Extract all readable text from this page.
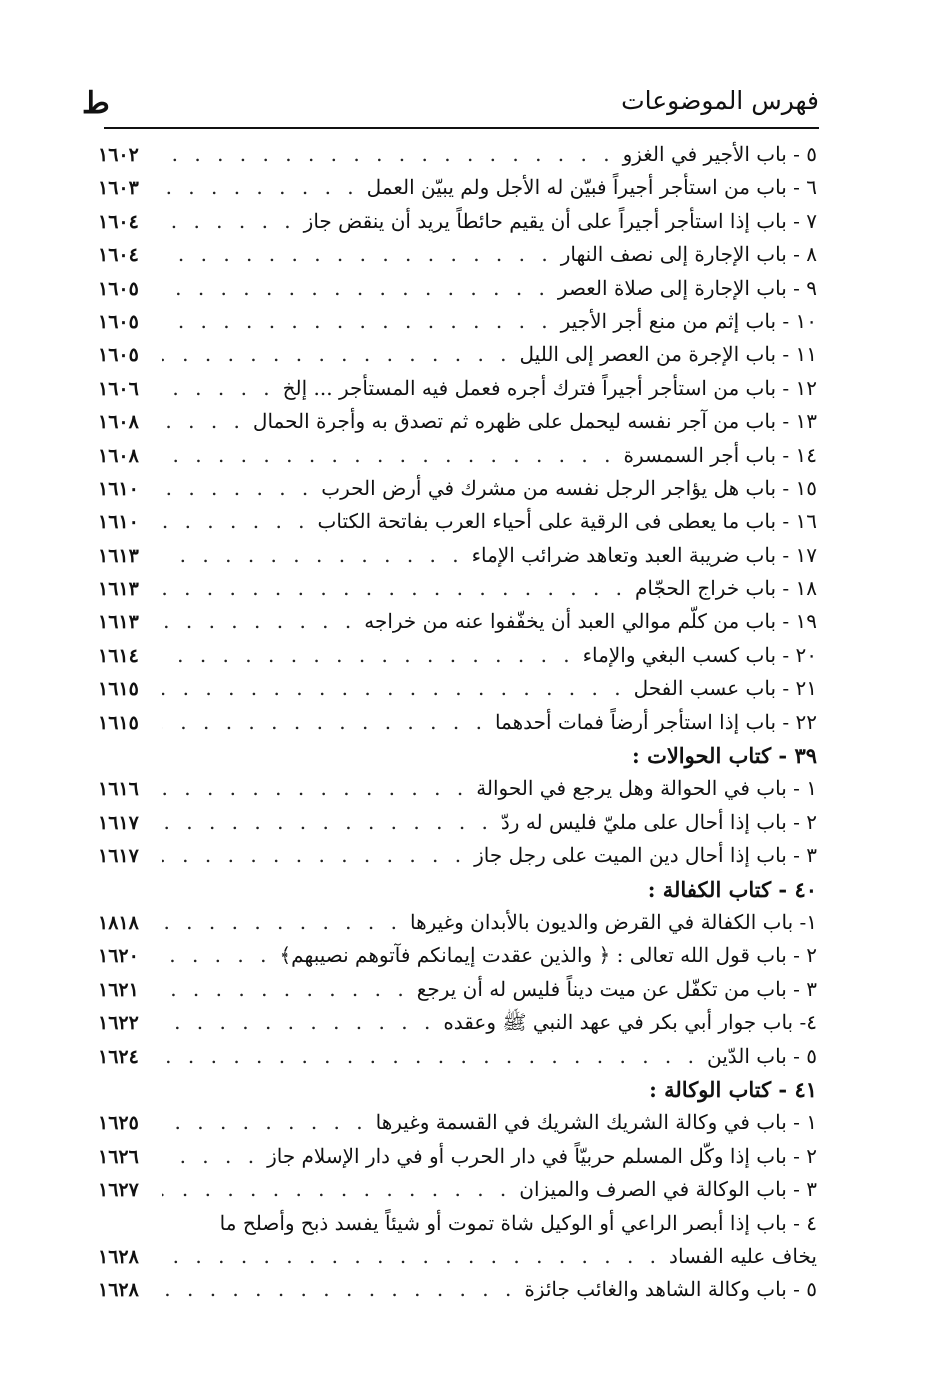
فهرس الموضوعات
ط
٥ - باب الأجير في الغزو
. . .
١٦٠٢
٦ - باب من استأجر أجيراً فبيّن له الأجل ولم يبيّن العمل
. . .
١٦٠٣
٧ - باب إذا استأجر أجيراً على أن يقيم حائطاً يريد أن ينقض جاز
. . .
١٦٠٤
٨ - باب الإجارة إلى نصف النهار
. . .
١٦٠٤
٩ - باب الإجارة إلى صلاة العصر
. . .
١٦٠٥
١٠ - باب إثم من منع أجر الأجير
. . .
١٦٠٥
١١ - باب الإجرة من العصر إلى الليل
. . .
١٦٠٥
١٢ - باب من استأجر أجيراً فترك أجره فعمل فيه المستأجر ... إلخ
. . .
١٦٠٦
١٣ - باب من آجر نفسه ليحمل على ظهره ثم تصدق به وأجرة الحمال
. . .
١٦٠٨
١٤ - باب أجر السمسرة
. . .
١٦٠٨
١٥ - باب هل يؤاجر الرجل نفسه من مشرك في أرض الحرب
. . .
١٦١٠
١٦ - باب ما يعطى فى الرقية على أحياء العرب بفاتحة الكتاب
. . .
١٦١٠
١٧ - باب ضريبة العبد وتعاهد ضرائب الإماء
. . .
١٦١٣
١٨ - باب خراج الحجّام
. . .
١٦١٣
١٩ - باب من كلّم موالي العبد أن يخفّفوا عنه من خراجه
. . .
١٦١٣
٢٠ - باب كسب البغي والإماء
. . .
١٦١٤
٢١ - باب عسب الفحل
. . .
١٦١٥
٢٢ - باب إذا استأجر أرضاً فمات أحدهما
. . .
١٦١٥
٣٩ - كتاب الحوالات :
١ - باب في الحوالة وهل يرجع في الحوالة
. . .
١٦١٦
٢ - باب إذا أحال على مليّ فليس له ردّ
. . .
١٦١٧
٣ - باب إذا أحال دين الميت على رجل جاز
. . .
١٦١٧
٤٠ - كتاب الكفالة :
١- باب الكفالة في القرض والديون بالأبدان وغيرها
. . .
١٨١٨
٢ - باب قول الله تعالى : ﴿ والذين عقدت إيمانكم فآتوهم نصيبهم﴾
. . .
١٦٢٠
٣ - باب من تكفّل عن ميت ديناً فليس له أن يرجع
. . .
١٦٢١
٤- باب جوار أبي بكر في عهد النبي ﷺ وعقده
. . .
١٦٢٢
٥ - باب الدّين
. . .
١٦٢٤
٤١ - كتاب الوكالة :
١ - باب في وكالة الشريك الشريك في القسمة وغيرها
. . .
١٦٢٥
٢ - باب إذا وكّل المسلم حربيّاً في دار الحرب أو في دار الإسلام جاز
. . .
١٦٢٦
٣ - باب الوكالة في الصرف والميزان
. . .
١٦٢٧
٤ - باب إذا أبصر الراعي أو الوكيل شاة تموت أو شيئاً يفسد ذبح وأصلح ما
يخاف عليه الفساد
. . .
١٦٢٨
٥ - باب وكالة الشاهد والغائب جائزة
. . .
١٦٢٨
